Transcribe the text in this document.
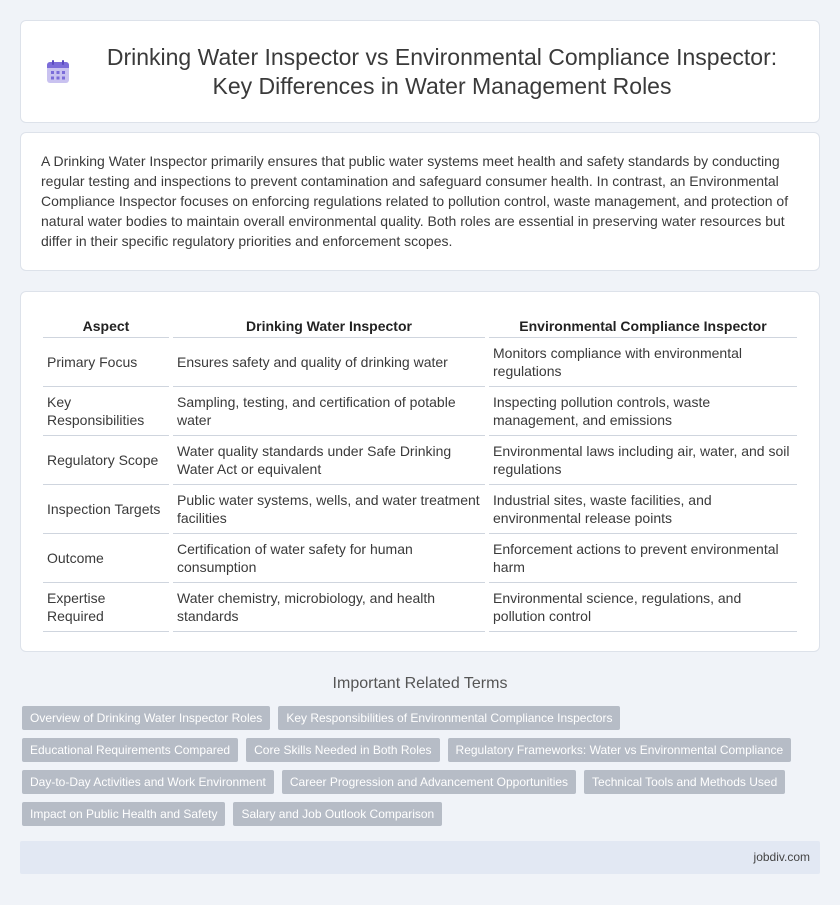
Drinking Water Inspector vs Environmental Compliance Inspector: Key Differences in Water Management Roles

A Drinking Water Inspector primarily ensures that public water systems meet health and safety standards by conducting regular testing and inspections to prevent contamination and safeguard consumer health. In contrast, an Environmental Compliance Inspector focuses on enforcing regulations related to pollution control, waste management, and protection of natural water bodies to maintain overall environmental quality. Both roles are essential in preserving water resources but differ in their specific regulatory priorities and enforcement scopes.

Aspect	Drinking Water Inspector	Environmental Compliance Inspector
Primary Focus	Ensures safety and quality of drinking water	Monitors compliance with environmental regulations
Key Responsibilities	Sampling, testing, and certification of potable water	Inspecting pollution controls, waste management, and emissions
Regulatory Scope	Water quality standards under Safe Drinking Water Act or equivalent	Environmental laws including air, water, and soil regulations
Inspection Targets	Public water systems, wells, and water treatment facilities	Industrial sites, waste facilities, and environmental release points
Outcome	Certification of water safety for human consumption	Enforcement actions to prevent environmental harm
Expertise Required	Water chemistry, microbiology, and health standards	Environmental science, regulations, and pollution control
Important Related Terms
Overview of Drinking Water Inspector Roles	Key Responsibilities of Environmental Compliance Inspectors
Educational Requirements Compared	Core Skills Needed in Both Roles	Regulatory Frameworks: Water vs Environmental Compliance
Day-to-Day Activities and Work Environment	Career Progression and Advancement Opportunities	Technical Tools and Methods Used
Impact on Public Health and Safety	Salary and Job Outlook Comparison
jobdiv.com
